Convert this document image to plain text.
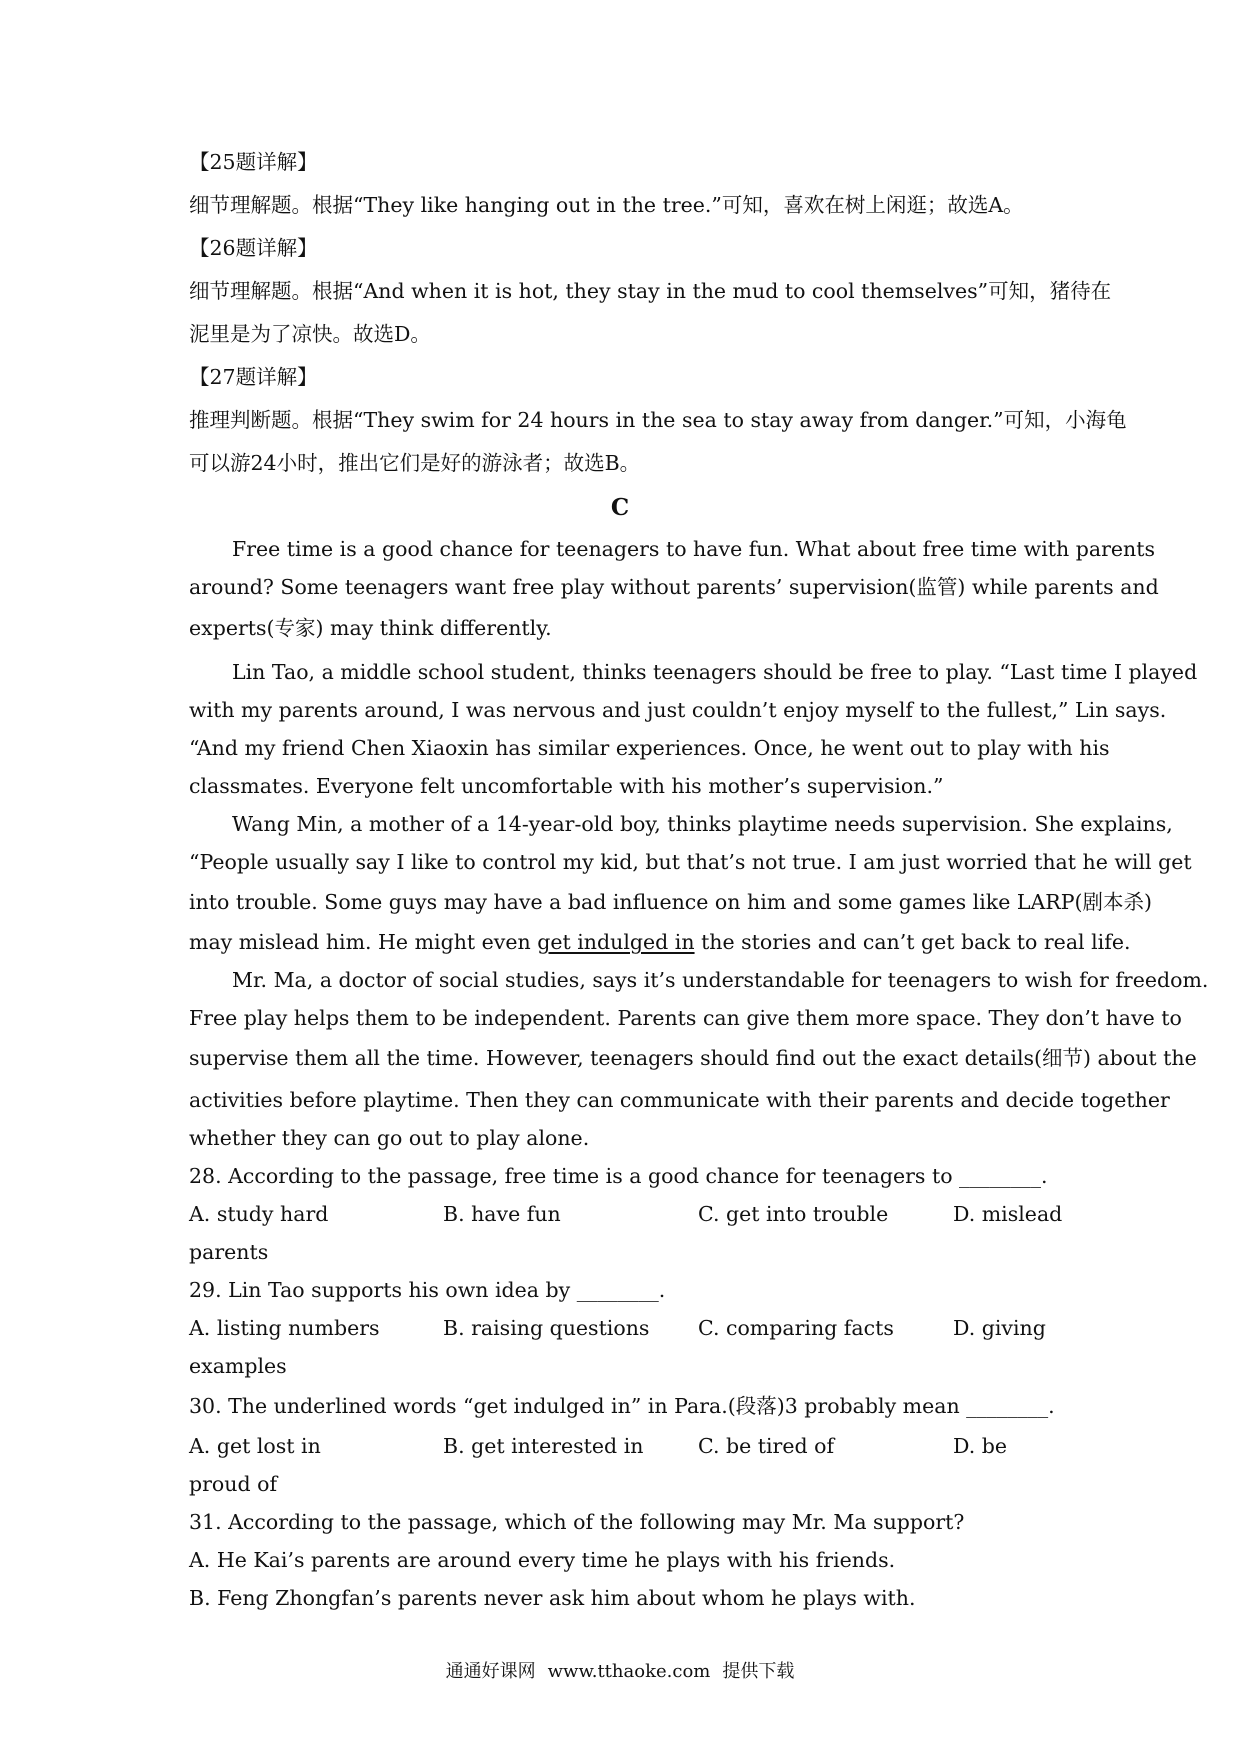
【25题详解】
细节理解题。根据“They like hanging out in the tree.”可知，喜欢在树上闲逛；故选A。
【26题详解】
细节理解题。根据“And when it is hot, they stay in the mud to cool themselves”可知，猪待在
泥里是为了凉快。故选D。
【27题详解】
推理判断题。根据“They swim for 24 hours in the sea to stay away from danger.”可知，小海龟
可以游24小时，推出它们是好的游泳者；故选B。
C
Free time is a good chance for teenagers to have fun. What about free time with parents
around? Some teenagers want free play without parents’ supervision(监管) while parents and
experts(专家) may think differently.
Lin Tao, a middle school student, thinks teenagers should be free to play. “Last time I played
with my parents around, I was nervous and just couldn’t enjoy myself to the fullest,” Lin says.
“And my friend Chen Xiaoxin has similar experiences. Once, he went out to play with his
classmates. Everyone felt uncomfortable with his mother’s supervision.”
Wang Min, a mother of a 14-year-old boy, thinks playtime needs supervision. She explains,
“People usually say I like to control my kid, but that’s not true. I am just worried that he will get
into trouble. Some guys may have a bad influence on him and some games like LARP(剧本杀)
may mislead him. He might even get indulged in the stories and can’t get back to real life.
Mr. Ma, a doctor of social studies, says it’s understandable for teenagers to wish for freedom.
Free play helps them to be independent. Parents can give them more space. They don’t have to
supervise them all the time. However, teenagers should find out the exact details(细节) about the
activities before playtime. Then they can communicate with their parents and decide together
whether they can go out to play alone.
28. According to the passage, free time is a good chance for teenagers to ________.
A. study hard	B. have fun	C. get into trouble	D. mislead
parents
29. Lin Tao supports his own idea by ________.
A. listing numbers	B. raising questions C. comparing facts	D. giving
examples
30. The underlined words “get indulged in” in Para.(段落)3 probably mean ________.
A. get lost in	B. get interested in	C. be tired of	D. be
proud of
31. According to the passage, which of the following may Mr. Ma support?
A. He Kai’s parents are around every time he plays with his friends.
B. Feng Zhongfan’s parents never ask him about whom he plays with.
通通好课网 www.tthaoke.com 提供下载
